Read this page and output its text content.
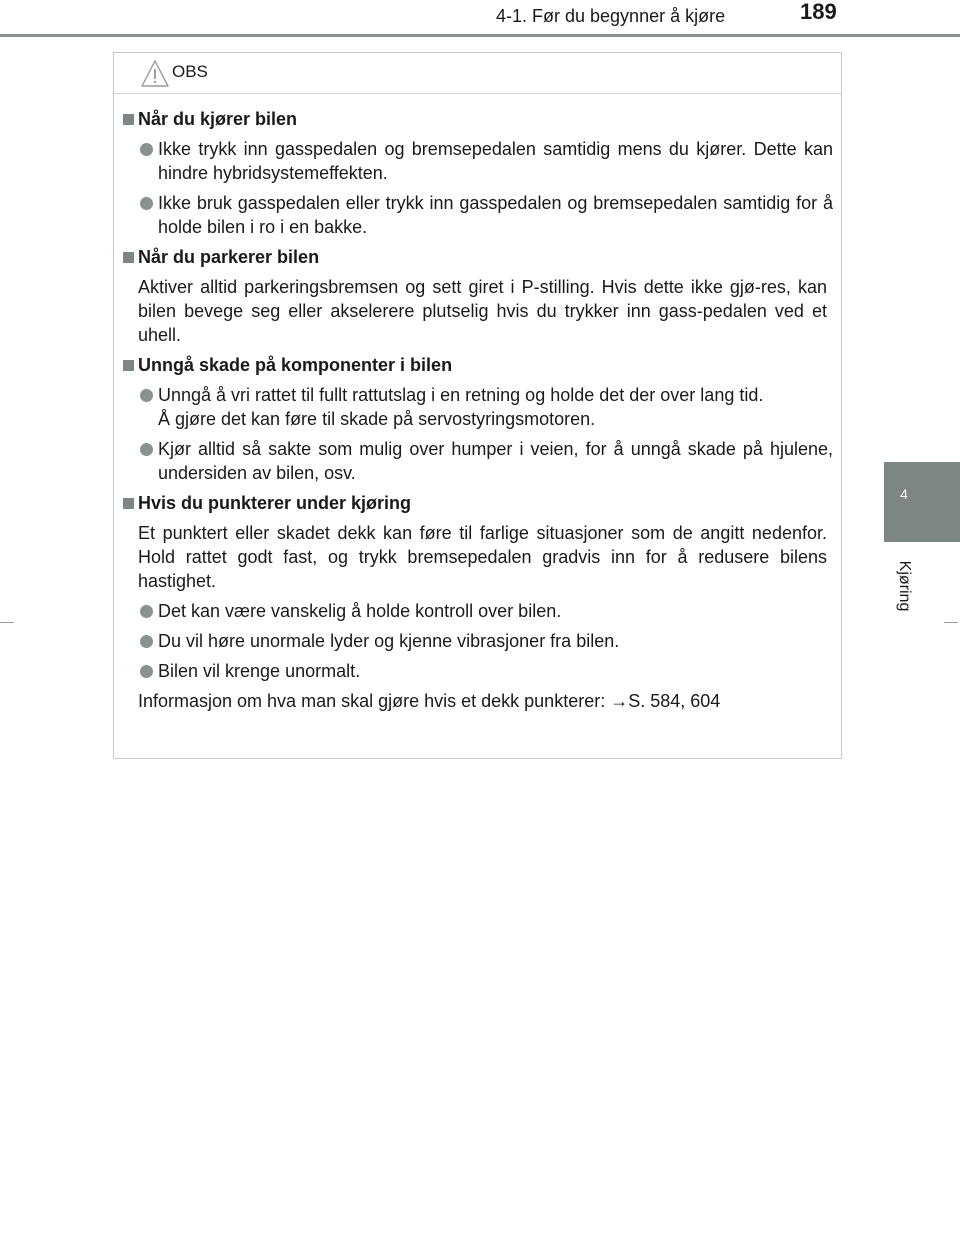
4-1. Før du begynner å kjøre	189
4
Kjøring
OBS
Når du kjører bilen
Ikke trykk inn gasspedalen og bremsepedalen samtidig mens du kjører. Dette kan hindre hybridsystemeffekten.
Ikke bruk gasspedalen eller trykk inn gasspedalen og bremsepedalen samtidig for å holde bilen i ro i en bakke.
Når du parkerer bilen
Aktiver alltid parkeringsbremsen og sett giret i P-stilling. Hvis dette ikke gjø-res, kan bilen bevege seg eller akselerere plutselig hvis du trykker inn gass-pedalen ved et uhell.
Unngå skade på komponenter i bilen
Unngå å vri rattet til fullt rattutslag i en retning og holde det der over lang tid.
Å gjøre det kan føre til skade på servostyringsmotoren.
Kjør alltid så sakte som mulig over humper i veien, for å unngå skade på hjulene, undersiden av bilen, osv.
Hvis du punkterer under kjøring
Et punktert eller skadet dekk kan føre til farlige situasjoner som de angitt nedenfor. Hold rattet godt fast, og trykk bremsepedalen gradvis inn for å redusere bilens hastighet.
Det kan være vanskelig å holde kontroll over bilen.
Du vil høre unormale lyder og kjenne vibrasjoner fra bilen.
Bilen vil krenge unormalt.
Informasjon om hva man skal gjøre hvis et dekk punkterer: →S. 584, 604
